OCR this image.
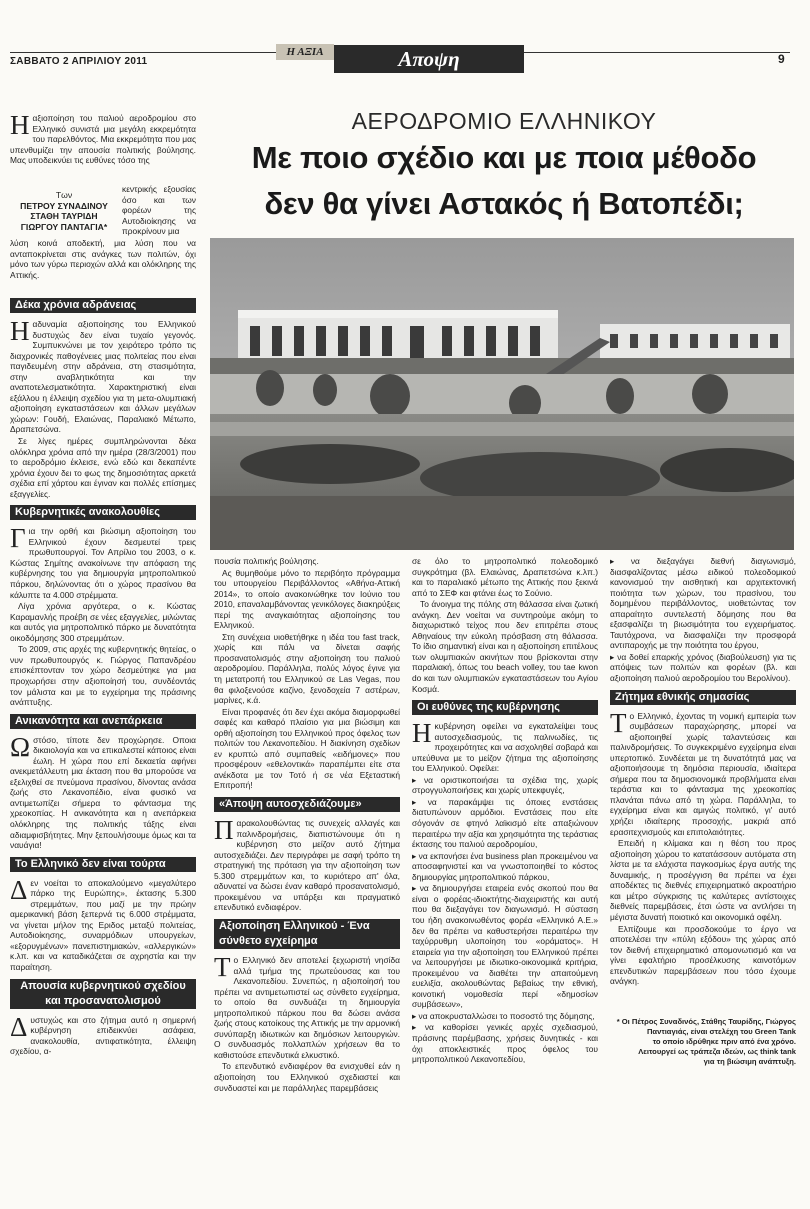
ΣΑΒΒΑΤΟ 2 ΑΠΡΙΛΙΟΥ 2011
Η ΑΞΙΑ	Αποψη	9
ΑΕΡΟΔΡΟΜΙΟ ΕΛΛΗΝΙΚΟΥ
Με ποιο σχέδιο και με ποια μέθοδο
δεν θα γίνει Αστακός ή Βατοπέδι;
Ηαξιοποίηση του παλιού αεροδρομίου στο Ελληνικό συνιστά μια μεγάλη εκκρεμότητα του παρελθόντος. Μια εκκρεμότητα που μας υπενθυμίζει την απουσία πολιτικής βούλησης. Μας υποδεικνύει τις ευθύνες τόσο της
Των
ΠΕΤΡΟΥ ΣΥΝΑΔΙΝΟΥ
ΣΤΑΘΗ ΤΑΥΡΙΔΗ
ΓΙΩΡΓΟΥ ΠΑΝΤΑΓΙΑ*
κεντρικής εξουσίας όσο και των φορέων της Αυτοδιοίκησης να προκρίνουν μια
λύση κοινά αποδεκτή, μια λύση που να ανταποκρίνεται στις ανάγκες των πολιτών, όχι μόνο των γύρω περιοχών αλλά και ολόκληρης της Αττικής.
Δέκα χρόνια αδράνειας

Ηαδυναμία αξιοποίησης του Ελληνικού δυστυχώς δεν είναι τυχαίο γεγονός. Συμπυκνώνει με τον χειρότερο τρόπο τις διαχρονικές παθογένειες μιας πολιτείας που είναι παγιδευμένη στην αδράνεια, στη στασιμότητα, στην αναβλητικότητα και την αναποτελεσματικότητα. Χαρακτηριστική είναι εξάλλου η έλλειψη σχεδίου για τη μετα-ολυμπιακή αξιοποίηση εγκαταστάσεων και άλλων μεγάλων χώρων: Γουδή, Ελαιώνας, Παραλιακό Μέτωπο, Δραπετσώνα.

Σε λίγες ημέρες συμπληρώνονται δέκα ολόκληρα χρόνια από την ημέρα (28/3/2001) που το αεροδρόμιο έκλεισε, ενώ εδώ και δεκαπέντε χρόνια έχουν δει το φως της δημοσιότητας αρκετά σχέδια επί χάρτου και έγιναν και πολλές επίσημες εξαγγελίες.

Κυβερνητικές ανακολουθίες

Για την ορθή και βιώσιμη αξιοποίηση του Ελληνικού έχουν δεσμευτεί τρεις πρωθυπουργοί. Τον Απρίλιο του 2003, ο κ. Κώστας Σημίτης ανακοίνωνε την απόφαση της κυβέρνησης του για δημιουργία μητροπολιτικού πάρκου, δηλώνοντας ότι ο χώρος πρασίνου θα κάλυπτε τα 4.000 στρέμματα.

Λίγα χρόνια αργότερα, ο κ. Κώστας Καραμανλής προέβη σε νέες εξαγγελίες, μιλώντας και αυτός για μητροπολιτικό πάρκο με δυνατότητα οικοδόμησης 300 στρεμμάτων.

Το 2009, στις αρχές της κυβερνητικής θητείας, ο νυν πρωθυπουργός κ. Γιώργος Παπανδρέου επισκέπτονταν τον χώρο δεσμεύτηκε για μια προχωρήσει στην αξιοποίησή του, συνδέοντάς τον μάλιστα και με το εγχείρημα της πράσινης ανάπτυξης.

Ανικανότητα και ανεπάρκεια

Ωστόσο, τίποτε δεν προχώρησε. Οποια δικαιολογία και να επικαλεστεί κάποιος είναι έωλη. Η χώρα που επί δεκαετία αφήνει ανεκμετάλλευτη μια έκταση που θα μπορούσε να εξελιχθεί σε πνεύμονα πρασίνου, δίνοντας ανάσα ζωής στο Λεκανοπέδιο, είναι φυσικό να αντιμετωπίζει σήμερα το φάντασμα της χρεοκοπίας. Η ανικανότητα και η ανεπάρκεια ολόκληρης της πολιτικής τάξης είναι αδιαμφισβήτητες. Μην ξεπουλήσουμε όμως και τα ναυάγια!

Το Ελληνικό δεν είναι τούρτα

Δεν νοείται το αποκαλούμενο «μεγαλύτερο πάρκο της Ευρώπης», έκτασης 5.300 στρεμμάτων, που μαζί με την πρώην αμερικανική βάση ξεπερνά τις 6.000 στρέμματα, να γίνεται μήλον της Εριδος μεταξύ πολιτείας, Αυτοδιοίκησης, συναρμόδιων υπουργείων, «εξορυγμένων» πανεπιστημιακών, «αλλεργικών» κ.λπ. και να καταδικάζεται σε αχρηστία και την παραίτηση.

Απουσία κυβερνητικού σχεδίου και προσανατολισμού

Δυστυχώς και στο ζήτημα αυτό η σημερινή κυβέρνηση επιδεικνύει ασάφεια, ανακολουθία, αντιφατικότητα, έλλειψη σχεδίου, α-

πουσία πολιτικής βούλησης.

Ας θυμηθούμε μόνο το περιβόητο πρόγραμμα του υπουργείου Περιβάλλοντος «Αθήνα-Αττική 2014», το οποίο ανακοινώθηκε τον Ιούνιο του 2010, επαναλαμβάνοντας γενικόλογες διακηρύξεις περί της αναγκαιότητας αξιοποίησης του Ελληνικού.

Στη συνέχεια υιοθετήθηκε η ιδέα του fast track, χωρίς και πάλι να δίνεται σαφής προσανατολισμός στην αξιοποίηση του παλιού αεροδρομίου. Παράλληλα, πολύς λόγος έγινε για τη μετατροπή του Ελληνικού σε Las Vegas, που θα φιλοξενούσε καζίνο, ξενοδοχεία 7 αστέρων, μαρίνες, κ.ά.

Είναι προφανές ότι δεν έχει ακόμα διαμορφωθεί σαφές και καθαρό πλαίσιο για μια βιώσιμη και ορθή αξιοποίηση του Ελληνικού προς όφελος των πολιτών του Λεκανοπεδίου. Η διακίνηση σχεδίων εν κρυπτώ από συμπαθείς «ειδήμονες» που προσφέρουν «εθελοντικά» παραπέμπει είτε στα ανέκδοτα με τον Τοτό ή σε νέα Εξεταστική Επιτροπή!

«Άποψη αυτοσχεδιάζουμε»

Παρακολουθώντας τις συνεχείς αλλαγές και παλινδρομήσεις, διαπιστώνουμε ότι η κυβέρνηση στο μείζον αυτό ζήτημα αυτοσχεδιάζει. Δεν περιγράφει με σαφή τρόπο τη στρατηγική της πρόταση για την αξιοποίηση των 5.300 στρεμμάτων και, το κυριότερο απ' όλα, αδυνατεί να δώσει έναν καθαρό προσανατολισμό, προκειμένου να υπάρξει και πραγματικό επενδυτικό ενδιαφέρον.

Αξιοποίηση Ελληνικού - Ένα σύνθετο εγχείρημα

Το Ελληνικό δεν αποτελεί ξεχωριστή νησίδα αλλά τμήμα της πρωτεύουσας και του Λεκανοπεδίου. Συνεπώς, η αξιοποίησή του πρέπει να αντιμετωπιστεί ως σύνθετο εγχείρημα, το οποίο θα συνδυάζει τη δημιουργία μητροπολιτικού πάρκου που θα δώσει ανάσα ζωής στους κατοίκους της Αττικής με την αρμονική συνύπαρξη ιδιωτικών και δημόσιων λειτουργιών. Ο συνδυασμός πολλαπλών χρήσεων θα το καθιστούσε επενδυτικά ελκυστικό.

Το επενδυτικό ενδιαφέρον θα ενισχυθεί εάν η αξιοποίηση του Ελληνικού σχεδιαστεί και συνδυαστεί και με παράλληλες παρεμβάσεις

σε όλο το μητροπολιτικό πολεοδομικό συγκρότημα (βλ. Ελαιώνας, Δραπετσώνα κ.λπ.) και το παραλιακό μέτωπο της Αττικής που ξεκινά από το ΣΕΦ και φτάνει έως το Σούνιο.

Το άνοιγμα της πόλης στη θάλασσα είναι ζωτική ανάγκη. Δεν νοείται να συντηρούμε ακόμη το διαχωριστικό τείχος που δεν επιτρέπει στους Αθηναίους την εύκολη πρόσβαση στη θάλασσα. Το ίδιο σημαντική είναι και η αξιοποίηση επιτέλους των ολυμπιακών ακινήτων που βρίσκονται στην παραλιακή, όπως του beach volley, του tae kwon do και των ολυμπιακών εγκαταστάσεων του Αγίου Κοσμά.

Οι ευθύνες της κυβέρνησης

Ηκυβέρνηση οφείλει να εγκαταλείψει τους αυτοσχεδιασμούς, τις παλινωδίες, τις προχειρότητες και να ασχοληθεί σοβαρά και υπεύθυνα με το μείζον ζήτημα της αξιοποίησης του Ελληνικού. Οφείλει:

▸ να οριστικοποιήσει τα σχέδια της, χωρίς στρογγυλοποιήσεις και χωρίς υπεκφυγές,

▸ να παρακάμψει τις όποιες ενστάσεις διατυπώνουν αρμόδιοι. Ενστάσεις που είτε σόγονάν σε φτηνό λαϊκισμό είτε απαξιώνουν περαιτέρω την αξία και χρησιμότητα της τεράστιας έκτασης του παλιού αεροδρομίου,

▸ να εκπονήσει ένα business plan προκειμένου να αποσαφηνιστεί και να γνωστοποιηθεί το κόστος δημιουργίας μητροπολιτικού πάρκου,

▸ να δημιουργήσει εταιρεία ενός σκοπού που θα είναι ο φορέας-ιδιοκτήτης-διαχειριστής και αυτή που θα διεξαγάγει τον διαγωνισμό. Η σύσταση του ήδη ανακοινωθέντος φορέα «Ελληνικό Α.Ε.» δεν θα πρέπει να καθυστερήσει περαιτέρω την ταχύρρυθμη υλοποίηση του «οράματος». Η εταιρεία για την αξιοποίηση του Ελληνικού πρέπει να λειτουργήσει με ιδιωτικο-οικονομικά κριτήρια, προκειμένου να διαθέτει την απαιτούμενη ευελιξία, ακολουθώντας βεβαίως την εθνική, κοινοτική νομοθεσία περί «δημοσίων συμβάσεων»,

▸ να αποκρυσταλλώσει το ποσοστό της δόμησης,

▸ να καθορίσει γενικές αρχές σχεδιασμού, πράσινης παρέμβασης, χρήσεις δυνητικές - και όχι αποκλειστικές προς όφελος του μητροπολιτικού Λεκανοπεδίου,

▸ να διεξαγάγει διεθνή διαγωνισμό, διασφαλίζοντας μέσω ειδικού πολεοδομικού κανονισμού την αισθητική και αρχιτεκτονική ποιότητα των χώρων, του πρασίνου, του δομημένου περιβάλλοντος, υιοθετώντας τον απαραίτητο συντελεστή δόμησης που θα εξασφαλίζει τη βιωσιμότητα του εγχειρήματος. Ταυτόχρονα, να διασφαλίζει την προσφορά αντιπαροχής με την ποιότητα του έργου,

▸ να δοθεί επαρκής χρόνος (διαβούλευση) για τις απόψεις των πολιτών και φορέων (βλ. και αξιοποίηση παλιού αεροδρομίου του Βερολίνου).

Ζήτημα εθνικής σημασίας

Το Ελληνικό, έχοντας τη νομική εμπειρία των συμβάσεων παραχώρησης, μπορεί να αξιοποιηθεί χωρίς ταλαντεύσεις και παλινδρομήσεις. Το συγκεκριμένο εγχείρημα είναι υπερτοπικό. Συνδέεται με τη δυνατότητά μας να αξιοποιήσουμε τη δημόσια περιουσία, ιδιαίτερα σήμερα που τα δημοσιονομικά προβλήματα είναι τεράστια και το φάντασμα της χρεοκοπίας πλανάται πάνω από τη χώρα. Παράλληλα, το εγχείρημα είναι και αμιγώς πολιτικό, γι' αυτό χρήζει ιδιαίτερης προσοχής, μακριά από ερασιτεχνισμούς και επιπολαιότητες.

Επειδή η κλίμακα και η θέση του προς αξιοποίηση χώρου το κατατάσσουν αυτόματα στη λίστα με τα ελάχιστα παγκοσμίως έργα αυτής της δυναμικής, η προσέγγιση θα πρέπει να έχει αποδέκτες τις διεθνές επιχειρηματικό ακροατήριο και μέτρο σύγκρισης τις καλύτερες αντίστοιχες διεθνείς παρεμβάσεις, έτσι ώστε να αντλήσει τη μέγιστα δυνατή ποιοτικό και οικονομικά οφέλη.

Ελπίζουμε και προσδοκούμε το έργο να αποτελέσει την «πύλη εξόδου» της χώρας από τον διεθνή επιχειρηματικό απομονωτισμό και να γίνει εφαλτήριο προσέλκυσης καινοτόμων επενδυτικών παρεμβάσεων που τόσο έχουμε ανάγκη.

* Οι Πέτρος Συναδινός, Στάθης Ταυρίδης, Γιώργος Παντιαγιάς, είναι στελέχη του Green Tank
το οποίο ιδρύθηκε πριν από ένα χρόνο.
Λειτουργεί ως τράπεζα ιδεών, ως think tank
για τη βιώσιμη ανάπτυξη.
